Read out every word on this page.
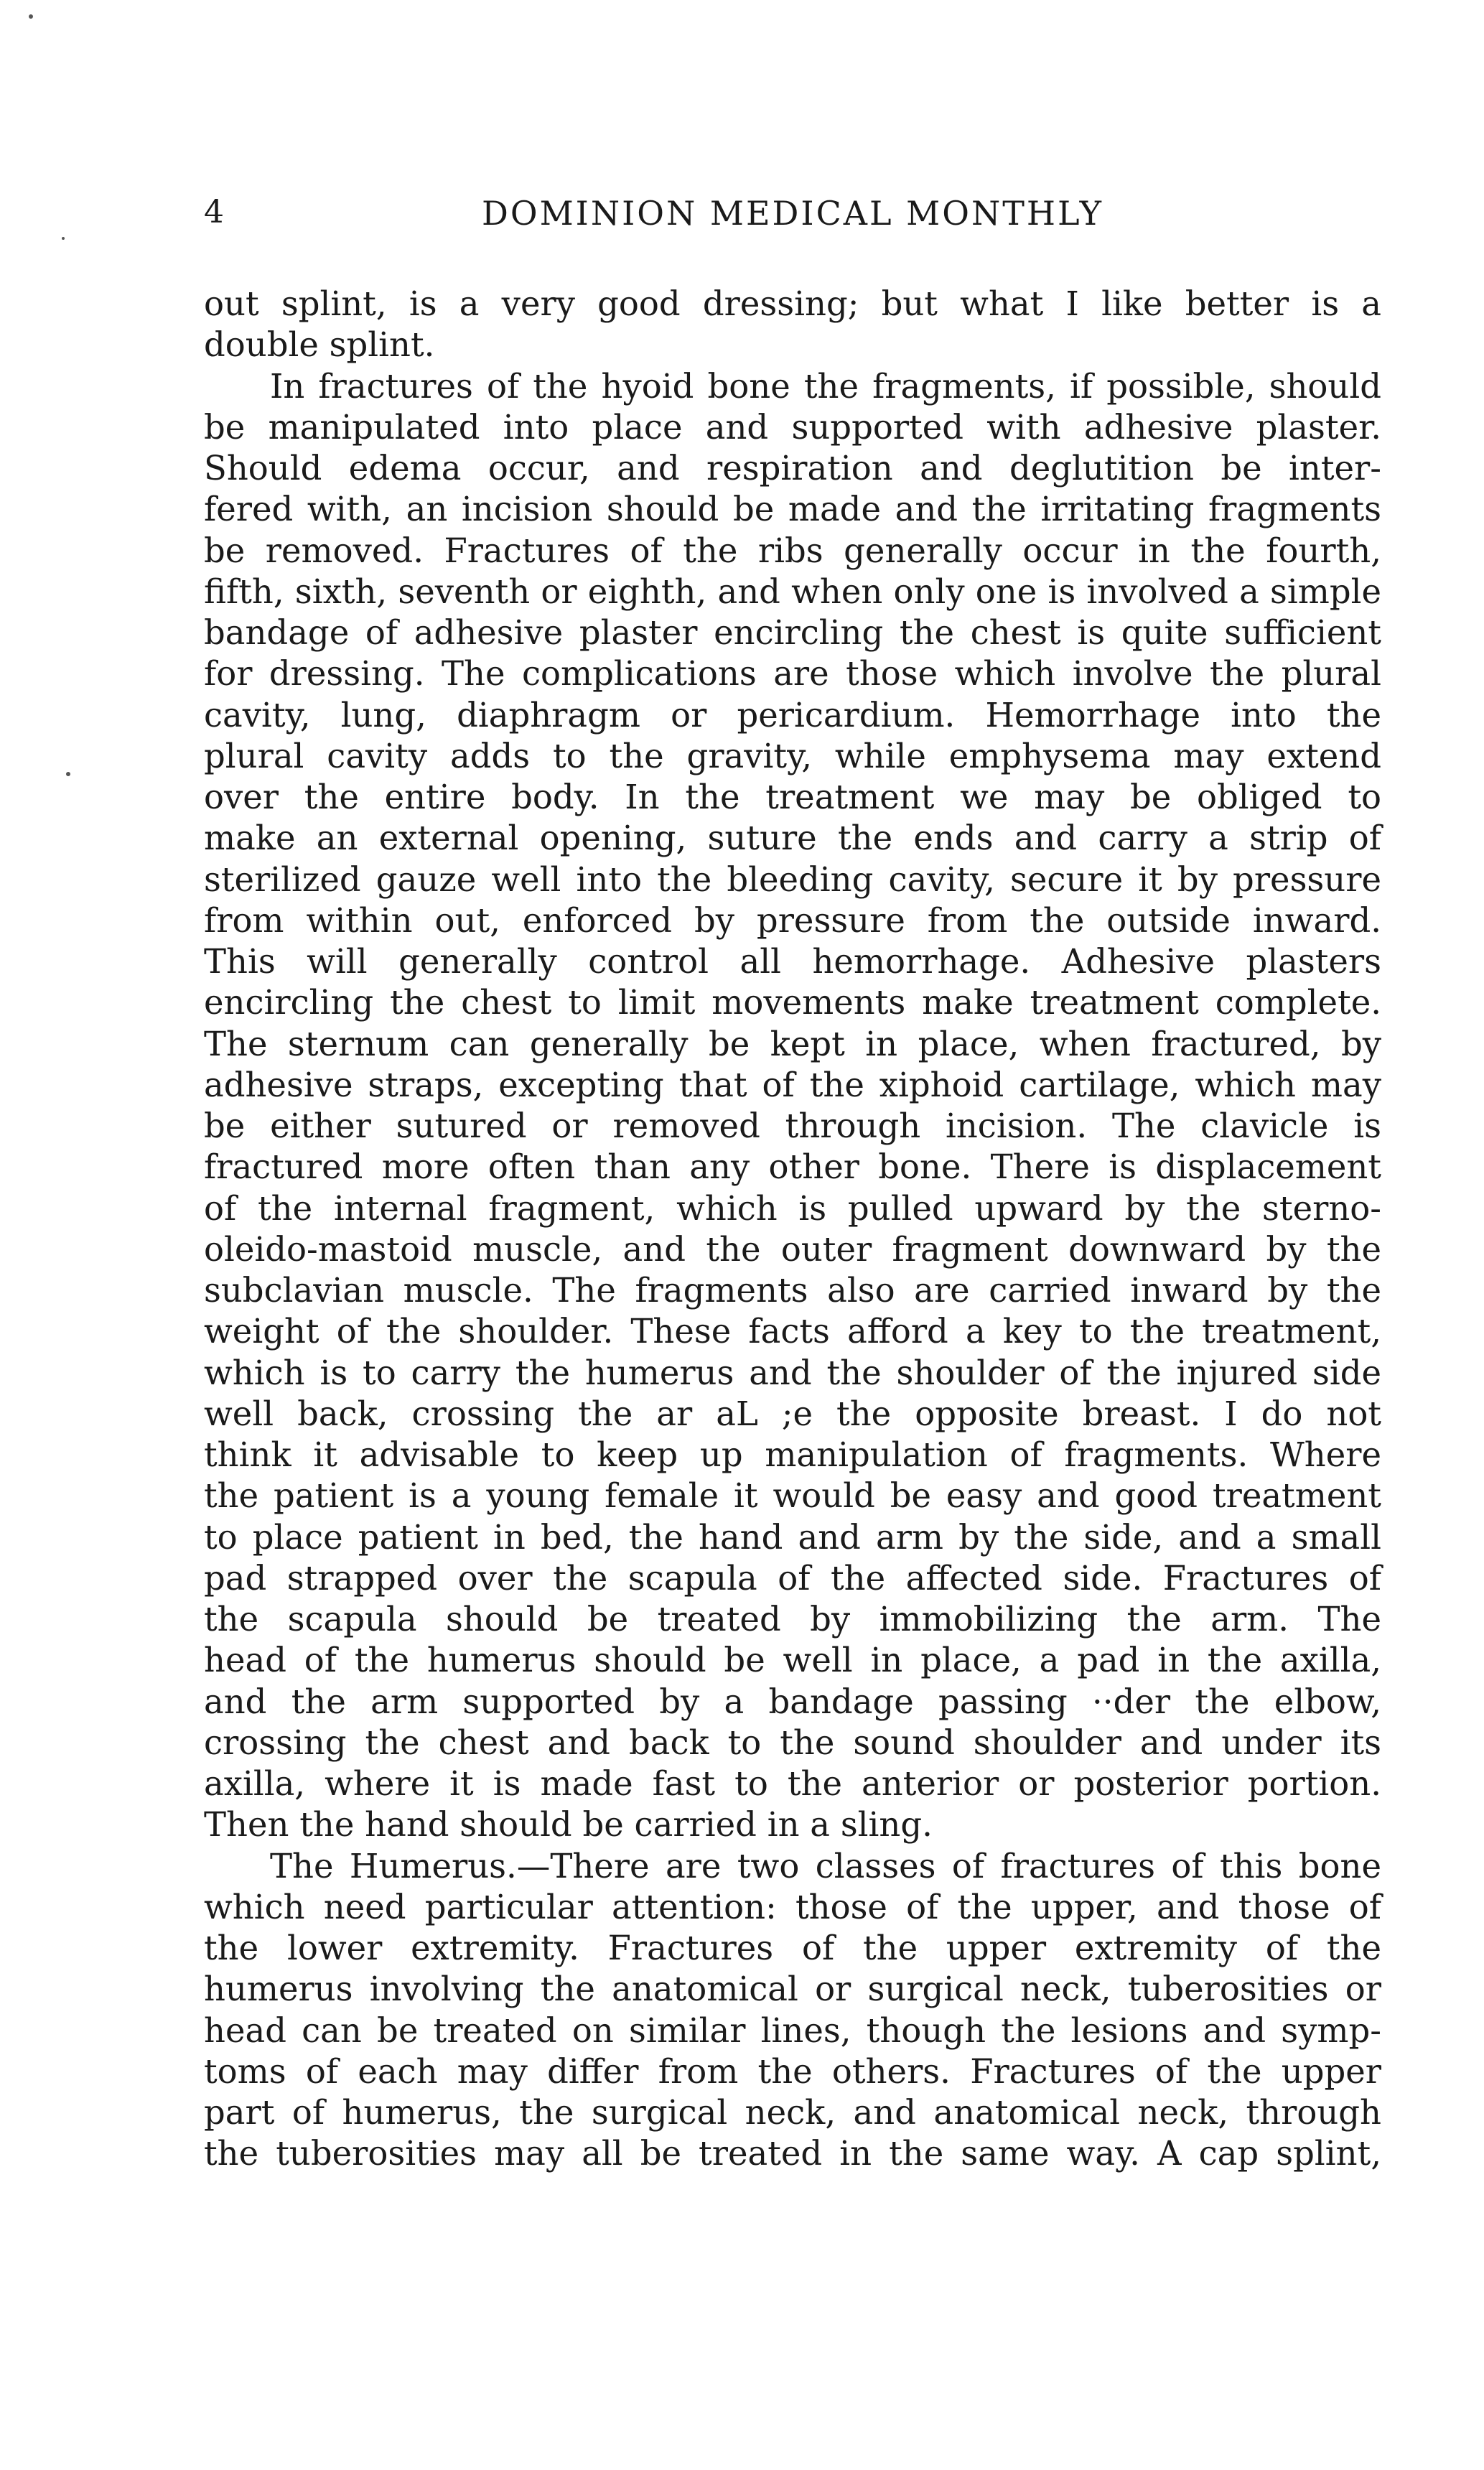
4	DOMINION MEDICAL MONTHLY
out splint, is a very good dressing; but what I like better is a
double splint.
In fractures of the hyoid bone the fragments, if possible, should
be manipulated into place and supported with adhesive plaster.
Should edema occur, and respiration and deglutition be inter-
fered with, an incision should be made and the irritating fragments
be removed. Fractures of the ribs generally occur in the fourth,
fifth, sixth, seventh or eighth, and when only one is involved a simple
bandage of adhesive plaster encircling the chest is quite sufficient
for dressing. The complications are those which involve the plural
cavity, lung, diaphragm or pericardium. Hemorrhage into the
plural cavity adds to the gravity, while emphysema may extend
over the entire body. In the treatment we may be obliged to
make an external opening, suture the ends and carry a strip of
sterilized gauze well into the bleeding cavity, secure it by pressure
from within out, enforced by pressure from the outside inward.
This will generally control all hemorrhage. Adhesive plasters
encircling the chest to limit movements make treatment complete.
The sternum can generally be kept in place, when fractured, by
adhesive straps, excepting that of the xiphoid cartilage, which may
be either sutured or removed through incision. The clavicle is
fractured more often than any other bone. There is displacement
of the internal fragment, which is pulled upward by the sterno-
oleido-mastoid muscle, and the outer fragment downward by the
subclavian muscle. The fragments also are carried inward by the
weight of the shoulder. These facts afford a key to the treatment,
which is to carry the humerus and the shoulder of the injured side
well back, crossing the ar aL ;e the opposite breast. I do not
think it advisable to keep up manipulation of fragments. Where
the patient is a young female it would be easy and good treatment
to place patient in bed, the hand and arm by the side, and a small
pad strapped over the scapula of the affected side. Fractures of
the scapula should be treated by immobilizing the arm. The
head of the humerus should be well in place, a pad in the axilla,
and the arm supported by a bandage passing ··der the elbow,
crossing the chest and back to the sound shoulder and under its
axilla, where it is made fast to the anterior or posterior portion.
Then the hand should be carried in a sling.
The Humerus.—There are two classes of fractures of this bone
which need particular attention: those of the upper, and those of
the lower extremity. Fractures of the upper extremity of the
humerus involving the anatomical or surgical neck, tuberosities or
head can be treated on similar lines, though the lesions and symp-
toms of each may differ from the others. Fractures of the upper
part of humerus, the surgical neck, and anatomical neck, through
the tuberosities may all be treated in the same way. A cap splint,
